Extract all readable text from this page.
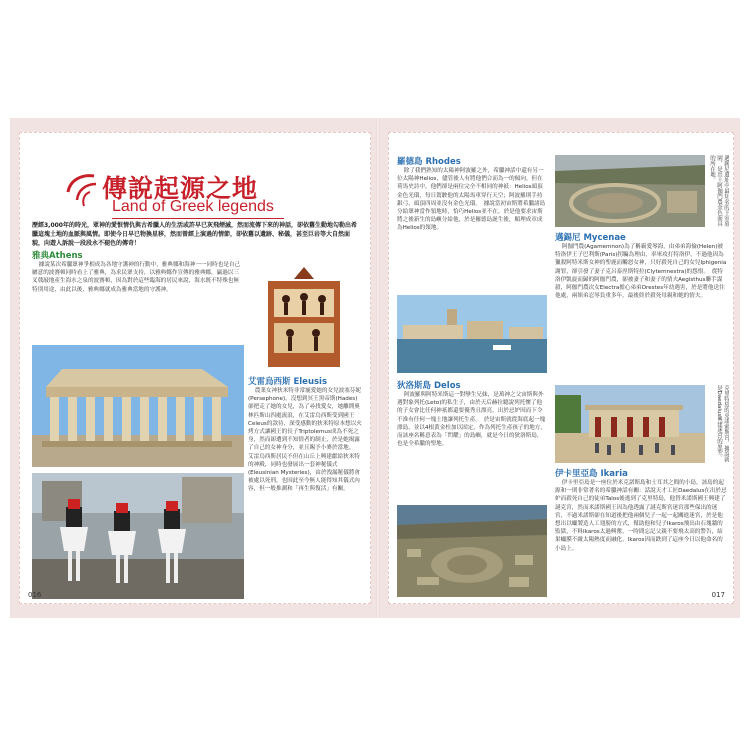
傳說起源之地
Land of Greek legends
歷經3,000年的時光，眾神的愛恨情仇與古希臘人的生活或許早已灰飛煙滅，然而流傳下來的神話，卻依舊生動地勾勒出希臘這塊土地的血脈與風情。即使今日早已物換星移，然而曾經上演過的情節，卻依舊以遺跡、秘儀，甚至巨岩等大自然面貌，向遊人訴說一段段永不褪色的傳奇！
雅典Athens
據說某次希臘眾神爭相成為各地守護神的行動中，雅典娜和海神一一同時也是自己屬意的波賽頓同時看上了雅典，為求民眾支持，以雅典娜作宣傳的雅典娜，贏過以三叉戟敲地產生海水之泉的波賽頓，因為對於這些臨海的居民來說，海水既不特殊也無特別用途，由此以後，雅典娜就成為雅典當地的守護神。
艾雷烏西斯 Eleusis
農業女神狄米特非常寵愛她的女兒波塞芬妮(Persephone)，沒想到冥王黑帝斯(Hades)卻把走了她的女兒，為了尋找愛女，她離開奧林匹斯山四處流浪，在艾雷烏西斯受到國王Celeus的款待，深受感動的狄米特原本想以火烤方式讓國王的長子Triptolemus成為不死之身，然而卻遭到不知情者的制止，於是她揭露了自己的女神身分，並且賜予小麥於當地。　艾雷烏西斯居民不但在山丘上興建獻給狄米特的神殿，同時也發展出一套神秘儀式(Eleusinian Mysteries)，由於洩漏秘儀將會被處以死刑，也因此至今無人能得知其儀式內容，但一般推測和「再生與復活」有關。
016
羅德島 Rhodes
除了我們熟知的太陽神阿波羅之外，希臘神話中還有另一位太陽神Helios，儘管後人有將他們合而為一的傾向，但在荷馬史詩中，他們卻是兩位完全不相同的神祇：Helios頭頂金色光環，每日駕駛他的太陽馬車穿行天空；阿波羅則手持銀弓，頭頂四周並沒有金色光環。　據說當初宙斯將希臘諸島分給眾神當作領地時，恰巧Helios並不在，於是他要求宙斯將之後新生的島嶼分給他，於是羅德島誕生後，順理成章成為Helios的領地。
狄洛斯島 Delos
阿波羅與阿特米斯這一對孿生兄妹，是萬神之父宙斯與外遇對象列托(Leto)的私生子，由於天后赫拉聽說列托懷了他的子女會比任何神祇都還要優秀且漂亮，出於忌妒因而下令不准有任何一塊土地讓列托生產。　於是宙斯就從海底起一塊漂島，並以4根黃金柱加以固定，作為列托生產孩子的地方，而該座名稱意表為「閃耀」的島嶼，就是今日的狄洛斯島，也是全希臘的聖地。
邁錫尼遺址中最知名的王室墓園，是出土阿伽門農金色面具的所在地。
邁錫尼 Mycenae
阿伽門農(Agamemnon)為了稱霸愛琴海，由弟弟海倫(Helen)被特洛伊王子巴利斯(Paris)拐騙為理由，率軍攻打特洛伊，不過他因為獵殺阿特米斯女神的聖鹿而觸怒女神，只好殺死自己的女兒Iphigenia謝罪，卻引發了妻子克呂泰涅斯特拉(Clytemnestra)的怨恨。　從特洛伊凱旋而歸的阿伽門農，卻被妻子和妻子的情夫Aegisthus聯手謀殺，阿伽門農次女Electra擔心弟弟Orestes年幼遇害，於是將他送往他處，兩姐弟忍辱負重多年，最後終於殺死母親和她的情夫。
克里特島的克諾索斯宮，據說就是Daedalus興建迷宮的原型。
伊卡里亞島 Ikaria
伊卡里亞島是一座位於米克諾斯島和士耳其之間的小島，該島的起源和一則非常著名的希臘神話有關：話說天才工匠Daedalus在出於忌妒而殺死自己的徒弟Talos後逃到了克里特島，他替米諾斯國王興建了謎克宮，然而米諾斯國王因為他透露了謎克斯宮迷宮那些保出的迷宮，不過米諾斯卻在知道後把他兩個兒子一起一起關進迷宮，於是他想出以蠟製造人工翅膀的方式，幫助他和兒子Ikaros飛出由石塊牆的監獄，不料Ikaros太過興奮，一時間忘記父親不要飛太高的警告，結果蠟膜不敵太陽熱度而融化，Ikaros因而跌到了這座今日以他命名的小島上。
017
